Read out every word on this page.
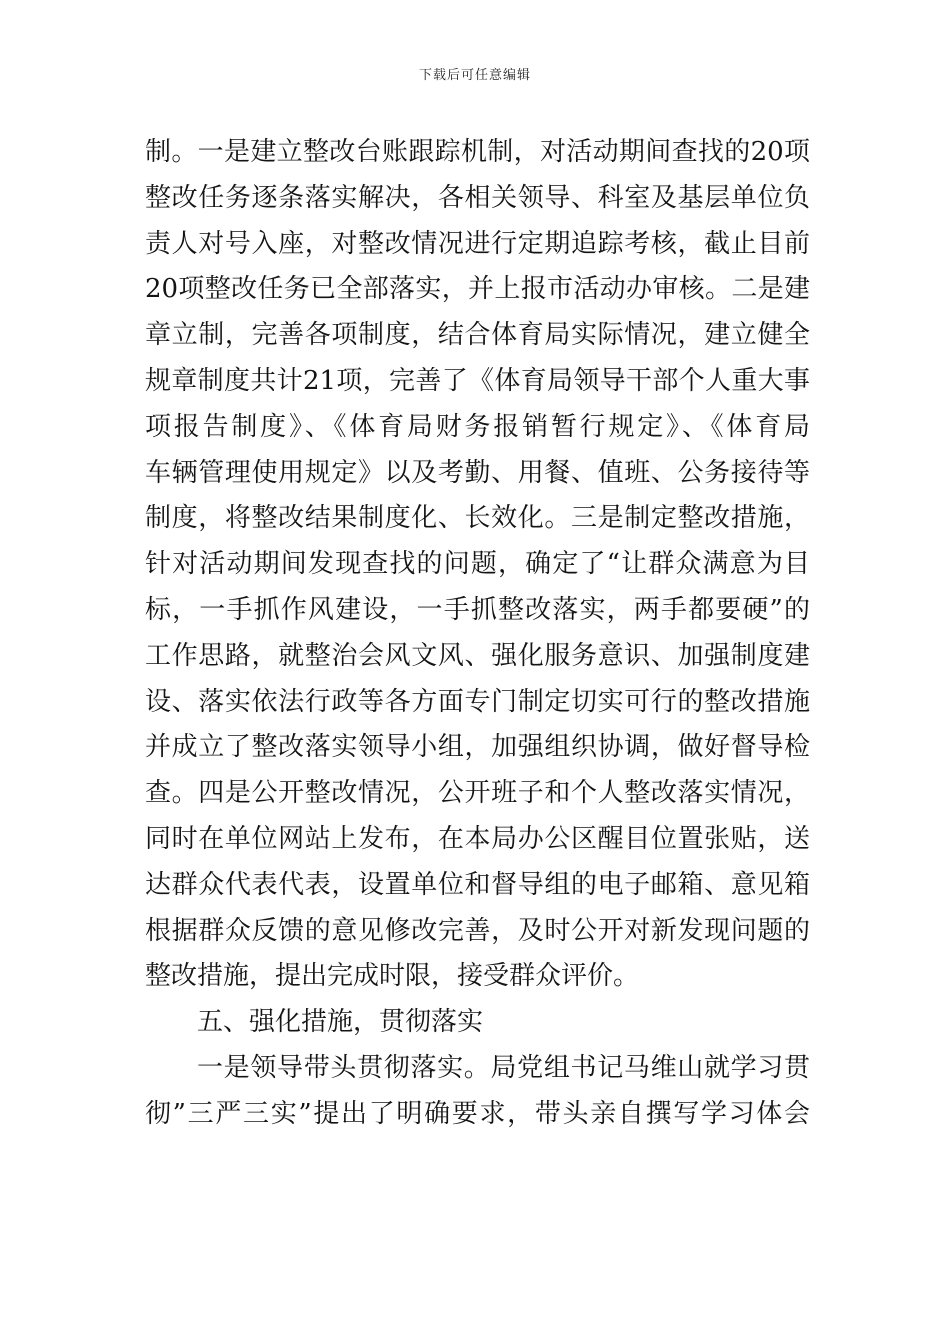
下载后可任意编辑
制。一是建立整改台账跟踪机制，对活动期间查找的20项
整改任务逐条落实解决，各相关领导、科室及基层单位负
责人对号入座，对整改情况进行定期追踪考核，截止目前
20项整改任务已全部落实，并上报市活动办审核。二是建
章立制，完善各项制度，结合体育局实际情况，建立健全
规章制度共计21项，完善了《体育局领导干部个人重大事
项报告制度》、《体育局财务报销暂行规定》、《体育局
车辆管理使用规定》以及考勤、用餐、值班、公务接待等
制度，将整改结果制度化、长效化。三是制定整改措施，
针对活动期间发现查找的问题，确定了“让群众满意为目
标，一手抓作风建设，一手抓整改落实，两手都要硬”的
工作思路，就整治会风文风、强化服务意识、加强制度建
设、落实依法行政等各方面专门制定切实可行的整改措施
并成立了整改落实领导小组，加强组织协调，做好督导检
查。四是公开整改情况，公开班子和个人整改落实情况，
同时在单位网站上发布，在本局办公区醒目位置张贴，送
达群众代表代表，设置单位和督导组的电子邮箱、意见箱
根据群众反馈的意见修改完善，及时公开对新发现问题的
整改措施，提出完成时限，接受群众评价。
五、强化措施，贯彻落实
一是领导带头贯彻落实。局党组书记马维山就学习贯
彻”三严三实”提出了明确要求，带头亲自撰写学习体会
